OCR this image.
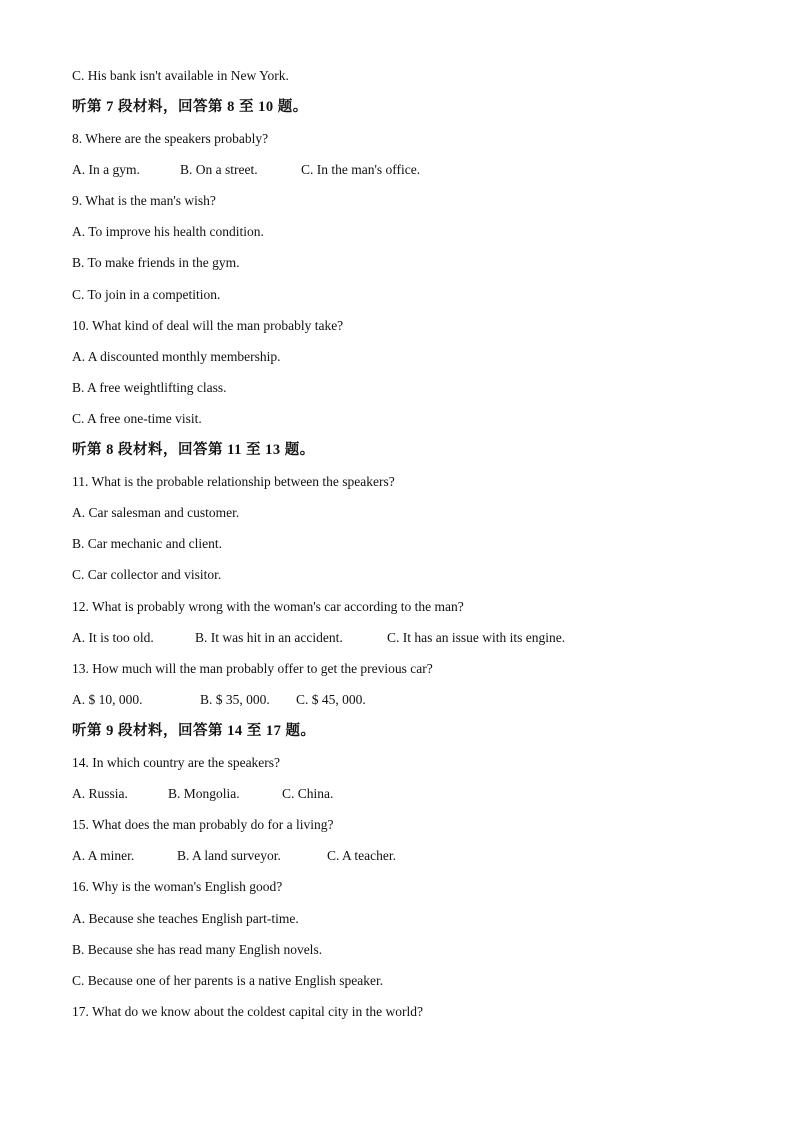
C. His bank isn't available in New York.
听第 7 段材料，回答第 8 至 10 题。
8. Where are the speakers probably?
A. In a gym.	B. On a street.	C. In the man's office.
9. What is the man's wish?
A. To improve his health condition.
B. To make friends in the gym.
C. To join in a competition.
10. What kind of deal will the man probably take?
A. A discounted monthly membership.
B. A free weightlifting class.
C. A free one-time visit.
听第 8 段材料，回答第 11 至 13 题。
11. What is the probable relationship between the speakers?
A. Car salesman and customer.
B. Car mechanic and client.
C. Car collector and visitor.
12. What is probably wrong with the woman's car according to the man?
A. It is too old.	B. It was hit in an accident.	C. It has an issue with its engine.
13. How much will the man probably offer to get the previous car?
A. $ 10, 000.	B. $ 35, 000. C. $ 45, 000.
听第 9 段材料，回答第 14 至 17 题。
14. In which country are the speakers?
A. Russia.	B. Mongolia.	C. China.
15. What does the man probably do for a living?
A. A miner.	B. A land surveyor.	C. A teacher.
16. Why is the woman's English good?
A. Because she teaches English part-time.
B. Because she has read many English novels.
C. Because one of her parents is a native English speaker.
17. What do we know about the coldest capital city in the world?
